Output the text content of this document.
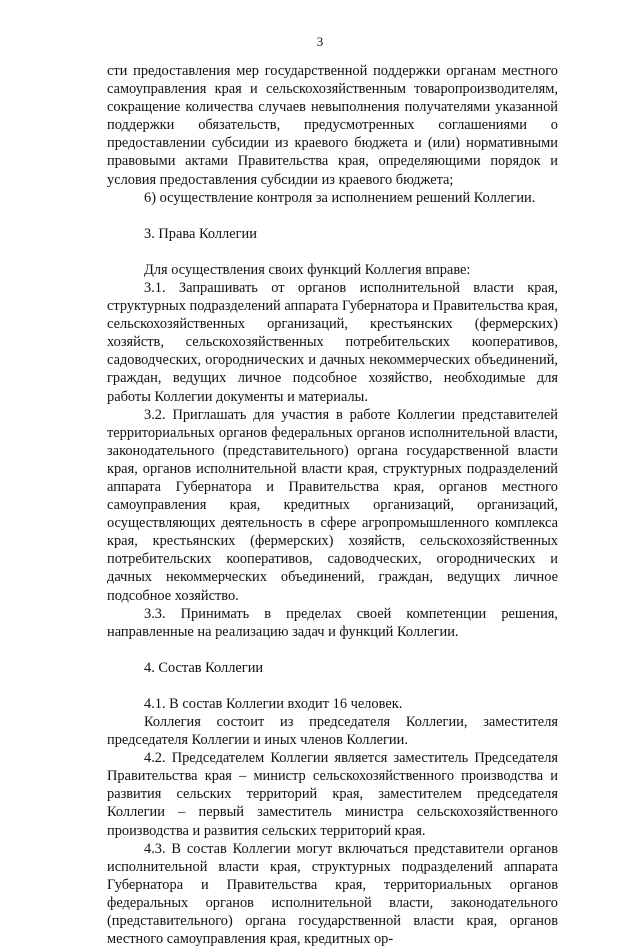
3

сти предоставления мер государственной поддержки органам местного самоуправления края и сельскохозяйственным товаропроизводителям, сокращение количества случаев невыполнения получателями указанной поддержки обязательств, предусмотренных соглашениями о предоставлении субсидии из краевого бюджета и (или) нормативными правовыми актами Правительства края, определяющими порядок и условия предоставления субсидии из краевого бюджета;

6) осуществление контроля за исполнением решений Коллегии.

3. Права Коллегии

Для осуществления своих функций Коллегия вправе:

3.1. Запрашивать от органов исполнительной власти края, структурных подразделений аппарата Губернатора и Правительства края, сельскохозяйственных организаций, крестьянских (фермерских) хозяйств, сельскохозяйственных потребительских кооперативов, садоводческих, огороднических и дачных некоммерческих объединений, граждан, ведущих личное подсобное хозяйство, необходимые для работы Коллегии документы и материалы.

3.2. Приглашать для участия в работе Коллегии представителей территориальных органов федеральных органов исполнительной власти, законодательного (представительного) органа государственной власти края, органов исполнительной власти края, структурных подразделений аппарата Губернатора и Правительства края, органов местного самоуправления края, кредитных организаций, организаций, осуществляющих деятельность в сфере агропромышленного комплекса края, крестьянских (фермерских) хозяйств, сельскохозяйственных потребительских кооперативов, садоводческих, огороднических и дачных некоммерческих объединений, граждан, ведущих личное подсобное хозяйство.

3.3. Принимать в пределах своей компетенции решения, направленные на реализацию задач и функций Коллегии.

4. Состав Коллегии

4.1. В состав Коллегии входит 16 человек.

Коллегия состоит из председателя Коллегии, заместителя председателя Коллегии и иных членов Коллегии.

4.2. Председателем Коллегии является заместитель Председателя Правительства края – министр сельскохозяйственного производства и развития сельских территорий края, заместителем председателя Коллегии – первый заместитель министра сельскохозяйственного производства и развития сельских территорий края.

4.3. В состав Коллегии могут включаться представители органов исполнительной власти края, структурных подразделений аппарата Губернатора и Правительства края, территориальных органов федеральных органов исполнительной власти, законодательного (представительного) органа государственной власти края, органов местного самоуправления края, кредитных ор-
